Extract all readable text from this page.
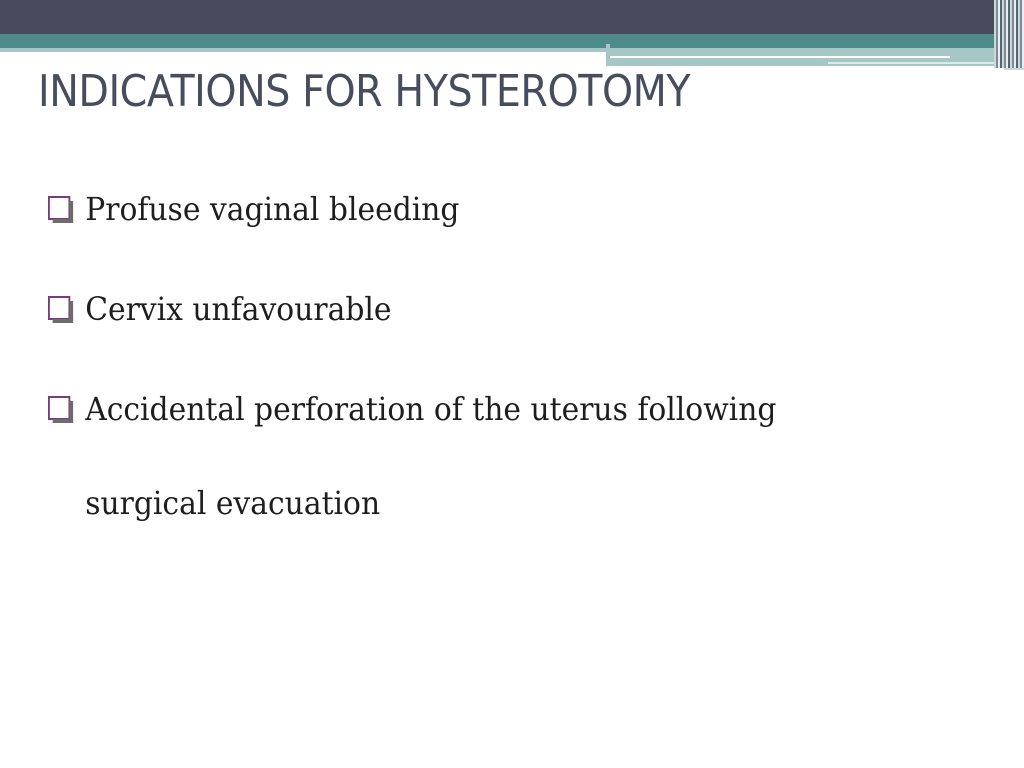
INDICATIONS FOR HYSTEROTOMY
Profuse vaginal bleeding
Cervix unfavourable
Accidental perforation of the uterus following surgical evacuation
